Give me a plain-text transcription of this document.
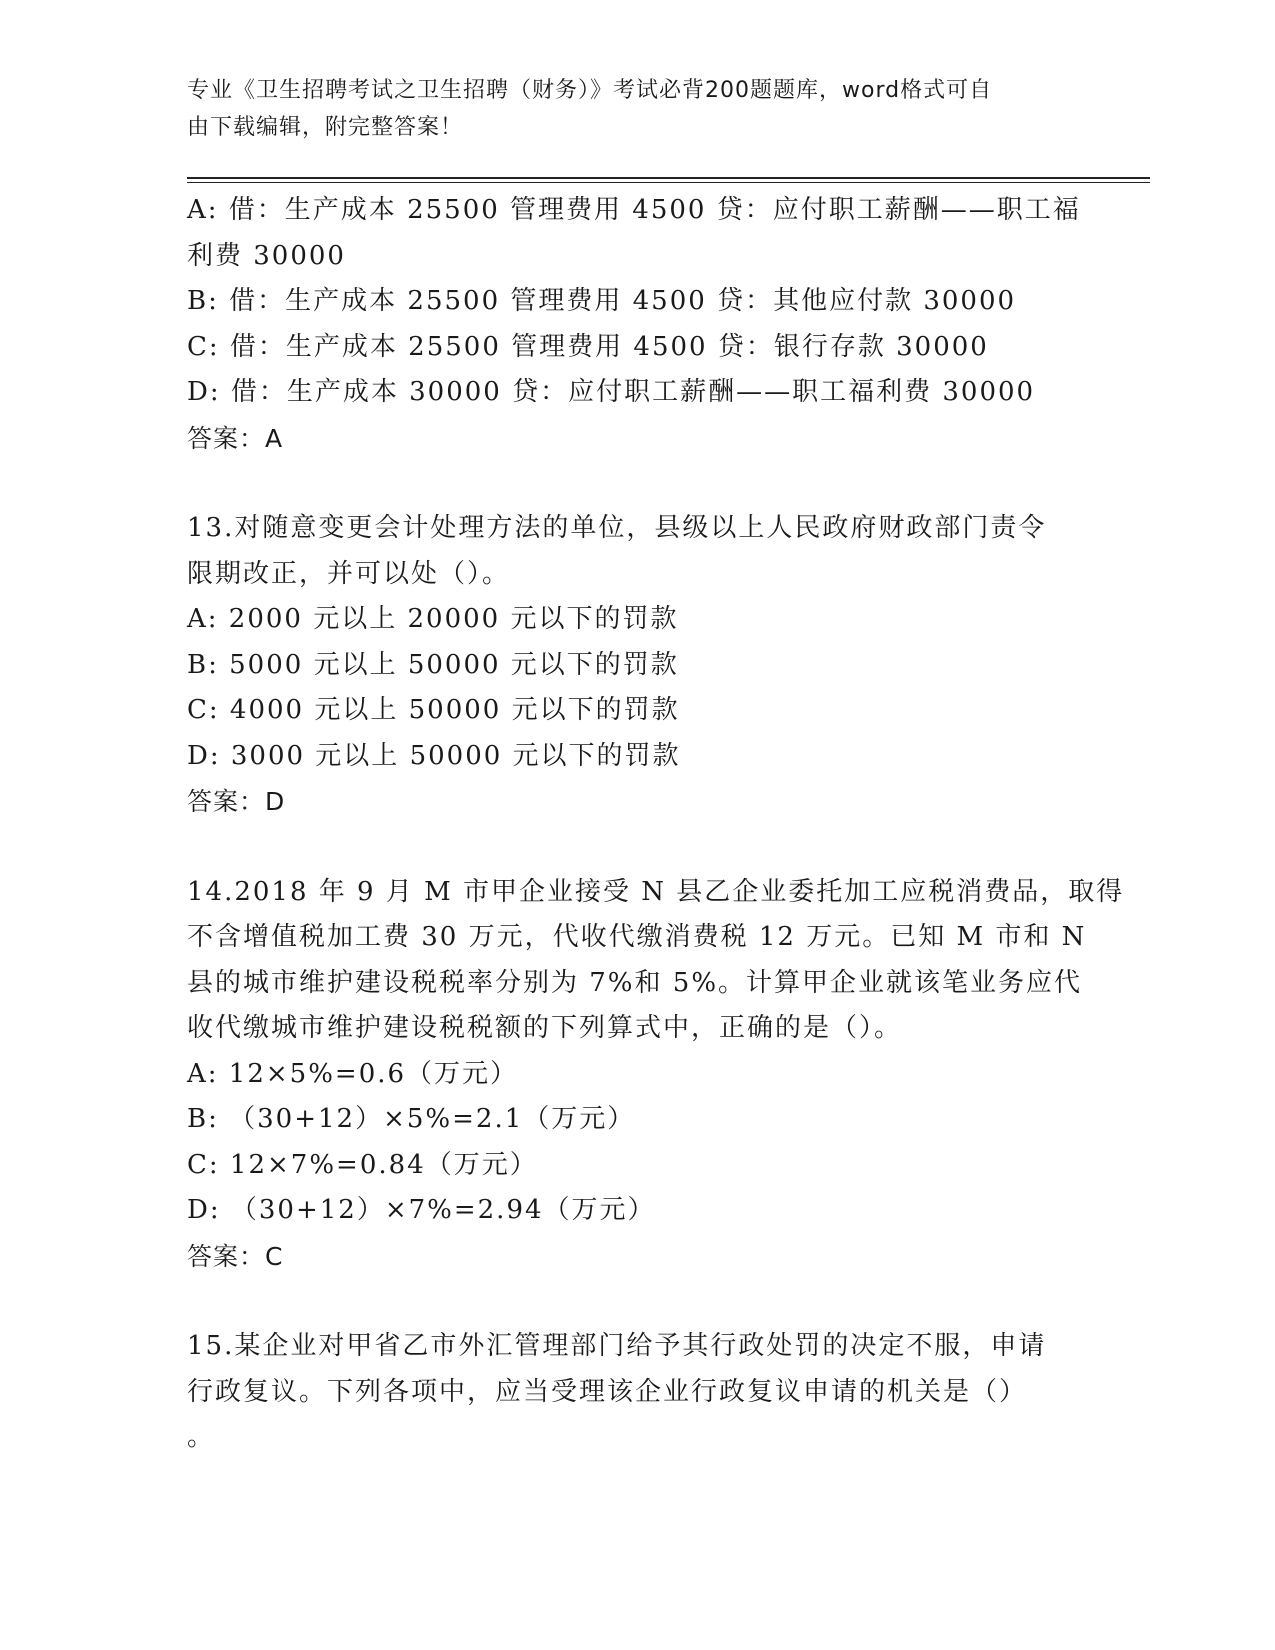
专业《卫生招聘考试之卫生招聘（财务）》考试必背200题题库，word格式可自
由下载编辑，附完整答案！
A: 借：生产成本 25500 管理费用 4500 贷：应付职工薪酬——职工福
利费 30000
B: 借：生产成本 25500 管理费用 4500 贷：其他应付款 30000
C: 借：生产成本 25500 管理费用 4500 贷：银行存款 30000
D: 借：生产成本 30000 贷：应付职工薪酬——职工福利费 30000
答案：A
13.对随意变更会计处理方法的单位，县级以上人民政府财政部门责令
限期改正，并可以处（）。
A: 2000 元以上 20000 元以下的罚款
B: 5000 元以上 50000 元以下的罚款
C: 4000 元以上 50000 元以下的罚款
D: 3000 元以上 50000 元以下的罚款
答案：D
14.2018 年 9 月 M 市甲企业接受 N 县乙企业委托加工应税消费品，取得
不含增值税加工费 30 万元，代收代缴消费税 12 万元。已知 M 市和 N
县的城市维护建设税税率分别为 7%和 5%。计算甲企业就该笔业务应代
收代缴城市维护建设税税额的下列算式中，正确的是（）。
A: 12×5%=0.6（万元）
B: （30+12）×5%=2.1（万元）
C: 12×7%=0.84（万元）
D: （30+12）×7%=2.94（万元）
答案：C
15.某企业对甲省乙市外汇管理部门给予其行政处罚的决定不服，申请
行政复议。下列各项中，应当受理该企业行政复议申请的机关是（）
。
